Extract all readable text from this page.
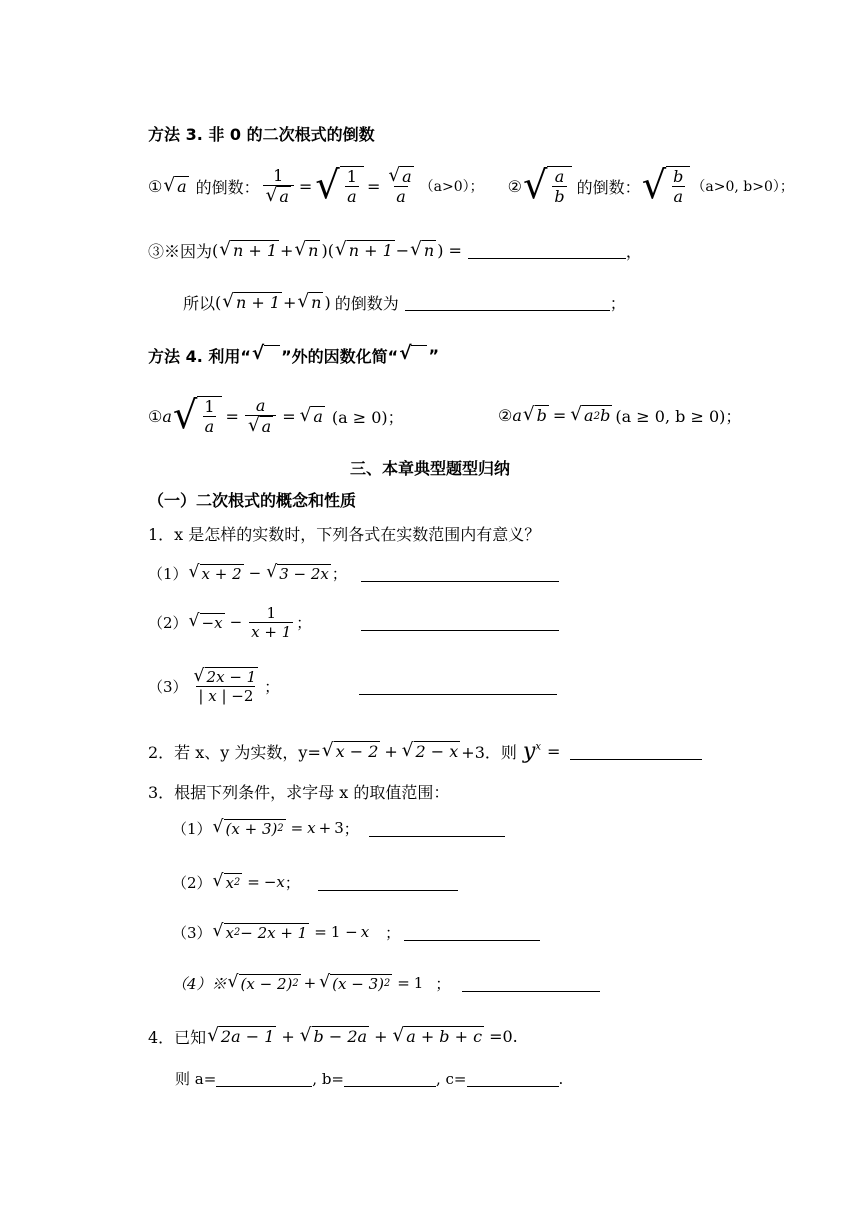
方法 3. 非 0 的二次根式的倒数
① √ a 的倒数： $\frac{1}{√ a}$ = √ $\frac{1}{a} = \frac{√ a}{a} (a>0)$； ② √ $\frac{a}{b}$ 的倒数： √ $\frac{b}{a} (a>0$, b>0）；
③※因为 ( √ n + 1 + √ n )( √ n + 1 − √ n ) =	，
所以 ( √ n + 1 + √ n ) 的倒数为	；
方法 4. 利用“ √ ”外的因数化简“ √ ”
① a √ $\frac{1}{a} = \frac{a}{√ a}$ = √ a (a ≥ 0)；	② a √ b = √ a 2 b (a ≥ 0, b ≥ 0)；
三、本章典型题型归纳
（一）二次根式的概念和性质
1．x 是怎样的实数时，下列各式在实数范围内有意义？
（1） √ x + 2 − √ 3 − 2x ；
（2） √ $-x - \frac{1}{x + 1}$ ；
$(3) \frac{√ 2x - 1}{| x | -2}$ ；
2．若 x、y 为实数，y= √ x − 2 + √ 2 − x +3．则 $y^x$ =
3．根据下列条件，求字母 x 的取值范围：
（1） √ (x + 3) 2 = x + 3 ；
（2） √ x 2 = −x ；
（3） √ x 2 − 2x + 1 = 1 − x ；
（4）※ √ (x − 2) 2 + √ (x − 3) 2 = 1 ；
4．已知 √ 2a − 1 + √ b − 2a + √ a + b + c =0.
则 a=	, b=	, c=	.
